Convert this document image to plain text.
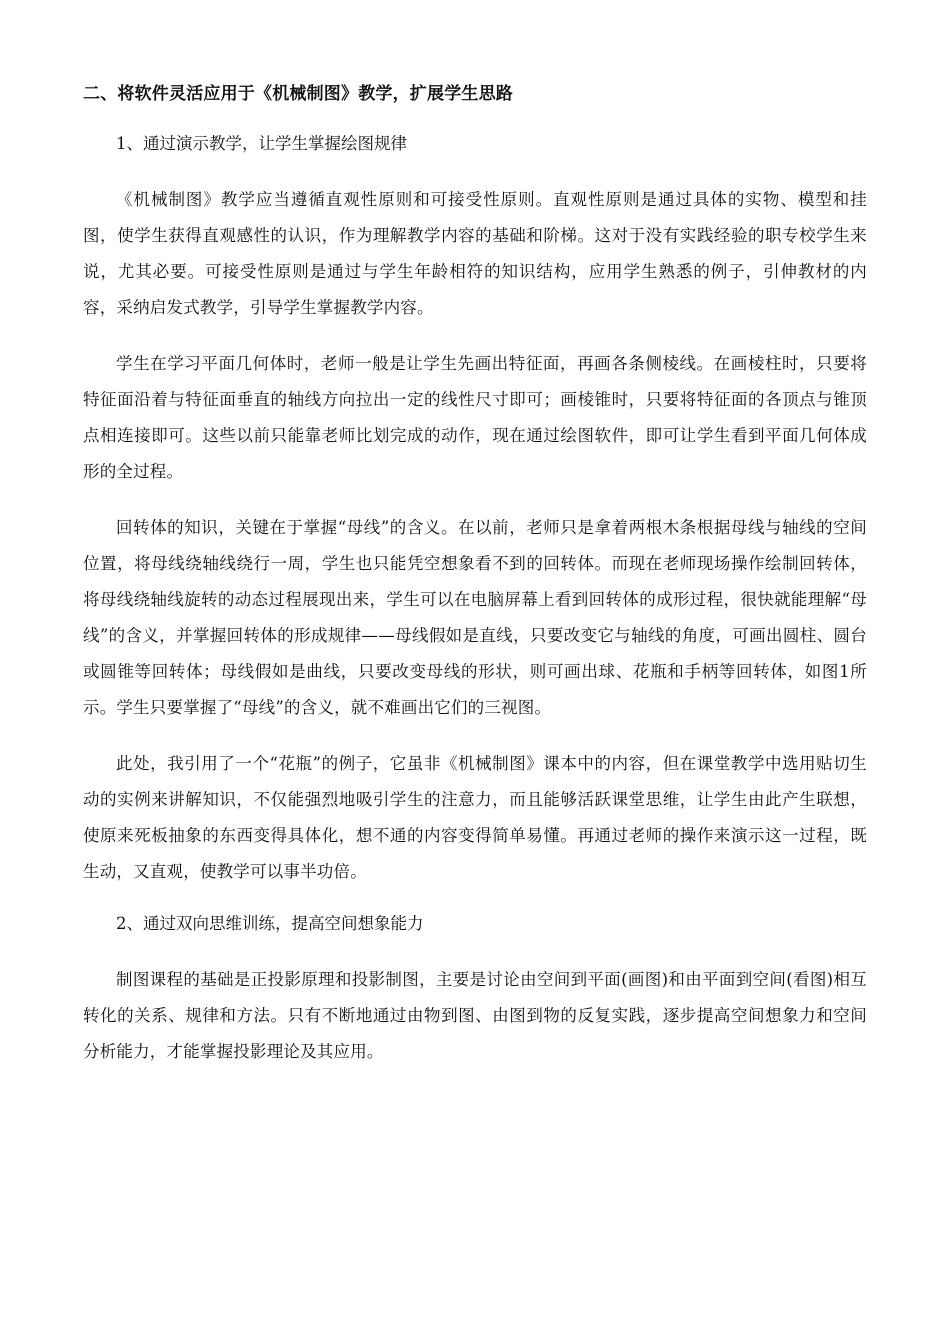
二、将软件灵活应用于《机械制图》教学，扩展学生思路
1、通过演示教学，让学生掌握绘图规律

《机械制图》教学应当遵循直观性原则和可接受性原则。直观性原则是通过具体的实物、模型和挂图，使学生获得直观感性的认识，作为理解教学内容的基础和阶梯。这对于没有实践经验的职专校学生来说，尤其必要。可接受性原则是通过与学生年龄相符的知识结构，应用学生熟悉的例子，引伸教材的内容，采纳启发式教学，引导学生掌握教学内容。

学生在学习平面几何体时，老师一般是让学生先画出特征面，再画各条侧棱线。在画棱柱时，只要将特征面沿着与特征面垂直的轴线方向拉出一定的线性尺寸即可；画棱锥时，只要将特征面的各顶点与锥顶点相连接即可。这些以前只能靠老师比划完成的动作，现在通过绘图软件，即可让学生看到平面几何体成形的全过程。

回转体的知识，关键在于掌握“母线”的含义。在以前，老师只是拿着两根木条根据母线与轴线的空间位置，将母线绕轴线绕行一周，学生也只能凭空想象看不到的回转体。而现在老师现场操作绘制回转体，将母线绕轴线旋转的动态过程展现出来，学生可以在电脑屏幕上看到回转体的成形过程，很快就能理解“母线”的含义，并掌握回转体的形成规律——母线假如是直线，只要改变它与轴线的角度，可画出圆柱、圆台或圆锥等回转体；母线假如是曲线，只要改变母线的形状，则可画出球、花瓶和手柄等回转体，如图1所示。学生只要掌握了“母线”的含义，就不难画出它们的三视图。

此处，我引用了一个“花瓶”的例子，它虽非《机械制图》课本中的内容，但在课堂教学中选用贴切生动的实例来讲解知识，不仅能强烈地吸引学生的注意力，而且能够活跃课堂思维，让学生由此产生联想，使原来死板抽象的东西变得具体化，想不通的内容变得简单易懂。再通过老师的操作来演示这一过程，既生动，又直观，使教学可以事半功倍。

2、通过双向思维训练，提高空间想象能力

制图课程的基础是正投影原理和投影制图，主要是讨论由空间到平面(画图)和由平面到空间(看图)相互转化的关系、规律和方法。只有不断地通过由物到图、由图到物的反复实践，逐步提高空间想象力和空间分析能力，才能掌握投影理论及其应用。
